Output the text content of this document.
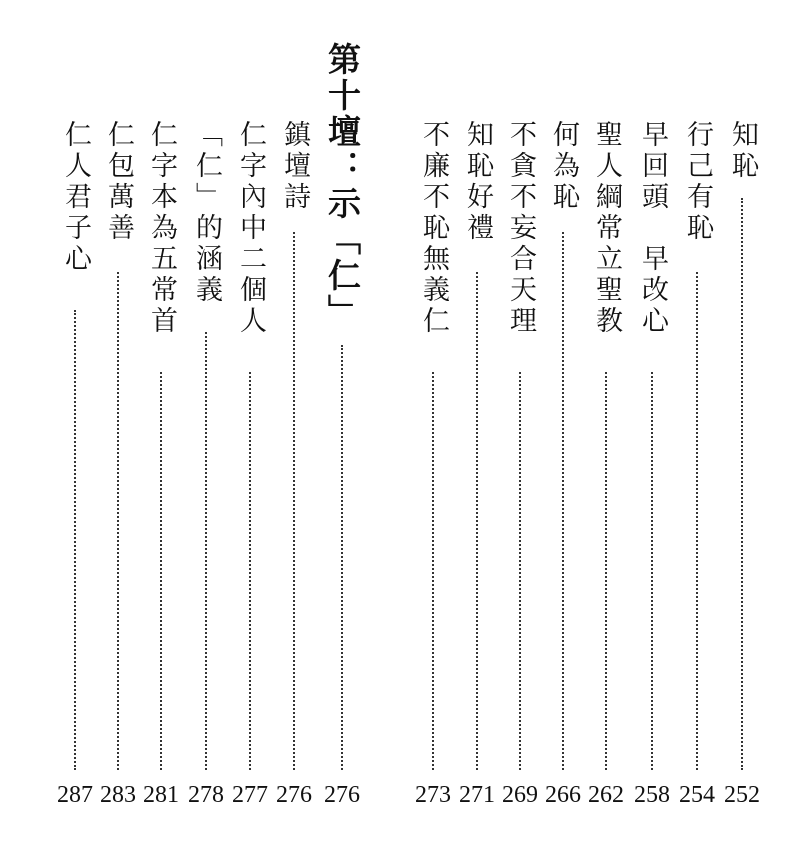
知恥
252
行己有恥
254
早回頭　早改心
258
聖人綱常立聖教
262
何為恥
266
不貪不妄合天理
269
知恥好禮
271
不廉不恥無義仁
273
第十壇：示「仁」
276
鎮壇詩
276
仁字內中二個人
277
「仁」的涵義
278
仁字本為五常首
281
仁包萬善
283
仁人君子心
287
